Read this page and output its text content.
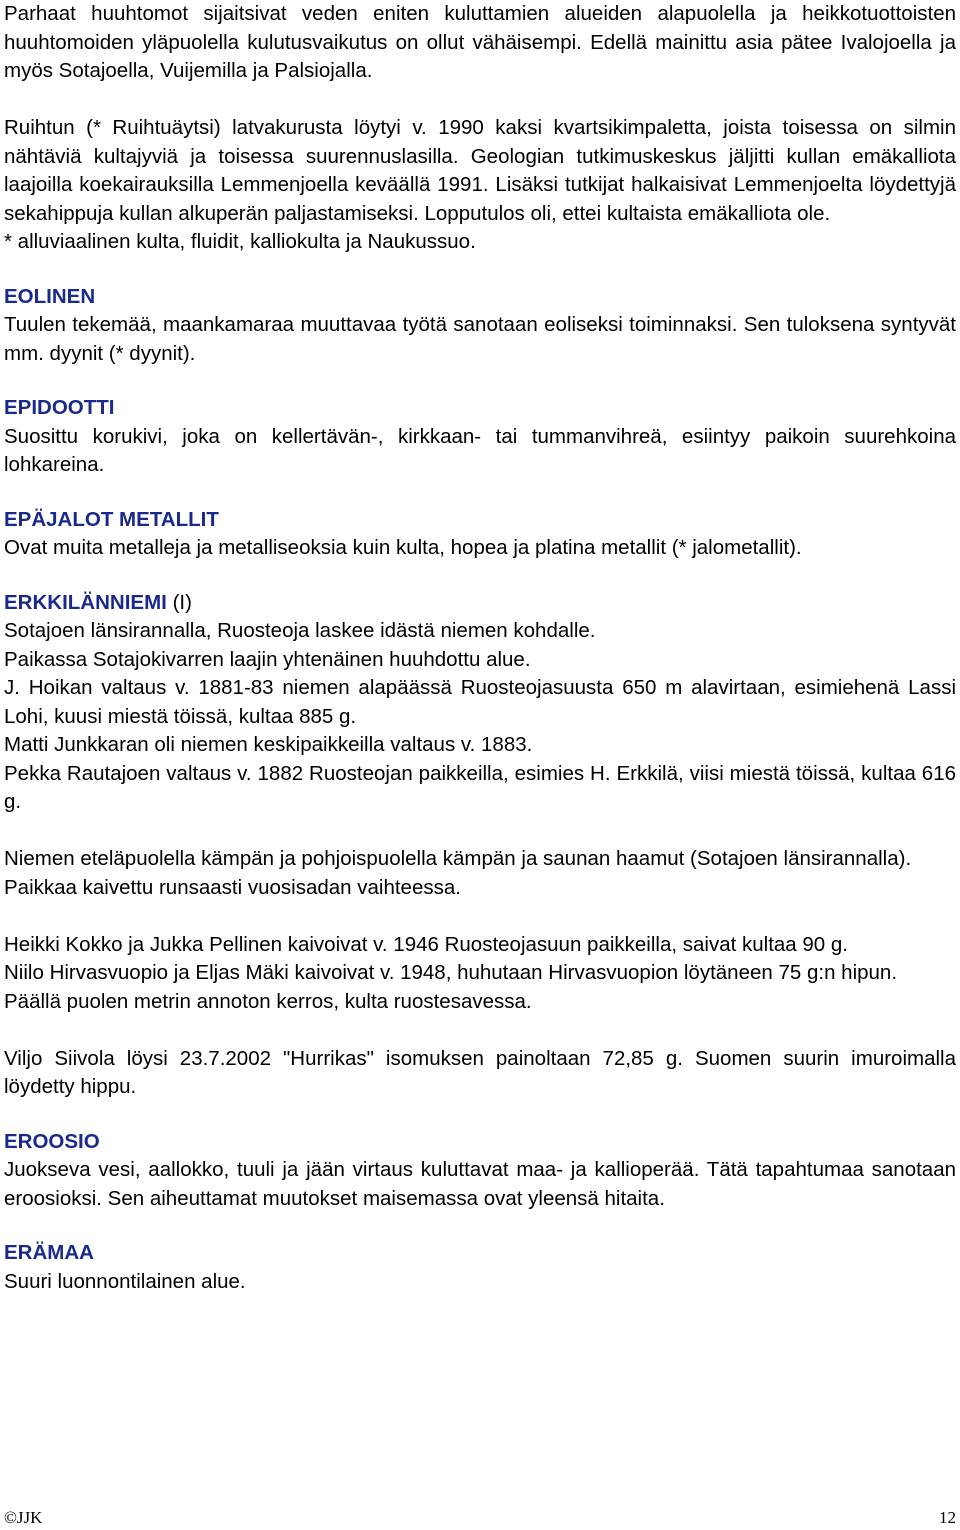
Parhaat huuhtomot sijaitsivat veden eniten kuluttamien alueiden alapuolella ja heikkotuottoisten huuhtomoiden yläpuolella kulutusvaikutus on ollut vähäisempi. Edellä mainittu asia pätee Ivalojoella ja myös Sotajoella, Vuijemilla ja Palsiojalla.

Ruihtun (* Ruihtuäytsi) latvakurusta löytyi v. 1990 kaksi kvartsikimpaletta, joista toisessa on silmin nähtäviä kultajyviä ja toisessa suurennuslasilla. Geologian tutkimuskeskus jäljitti kullan emäkalliota laajoilla koekairauksilla Lemmenjoella keväällä 1991. Lisäksi tutkijat halkaisivat Lemmenjoelta löydettyjä sekahippuja kullan alkuperän paljastamiseksi. Lopputulos oli, ettei kultaista emäkalliota ole.

* alluviaalinen kulta, fluidit, kalliokulta ja Naukussuo.

EOLINEN

Tuulen tekemää, maankamaraa muuttavaa työtä sanotaan eoliseksi toiminnaksi. Sen tuloksena syntyvät mm. dyynit (* dyynit).

EPIDOOTTI

Suosittu korukivi, joka on kellertävän-, kirkkaan- tai tummanvihreä, esiintyy paikoin suurehkoina lohkareina.

EPÄJALOT METALLIT

Ovat muita metalleja ja metalliseoksia kuin kulta, hopea ja platina metallit (* jalometallit).

ERKKILÄNNIEMI (I)

Sotajoen länsirannalla, Ruosteoja laskee idästä niemen kohdalle.

Paikassa Sotajokivarren laajin yhtenäinen huuhdottu alue.

J. Hoikan valtaus v. 1881-83 niemen alapäässä Ruosteojasuusta 650 m alavirtaan, esimiehenä Lassi Lohi, kuusi miestä töissä, kultaa 885 g.

Matti Junkkaran oli niemen keskipaikkeilla valtaus v. 1883.

Pekka Rautajoen valtaus v. 1882 Ruosteojan paikkeilla, esimies H. Erkkilä, viisi miestä töissä, kultaa 616 g.

Niemen eteläpuolella kämpän ja pohjoispuolella kämpän ja saunan haamut (Sotajoen länsirannalla).

Paikkaa kaivettu runsaasti vuosisadan vaihteessa.

Heikki Kokko ja Jukka Pellinen kaivoivat v. 1946 Ruosteojasuun paikkeilla, saivat kultaa 90 g.

Niilo Hirvasvuopio ja Eljas Mäki kaivoivat v. 1948, huhutaan Hirvasvuopion löytäneen 75 g:n hipun.

Päällä puolen metrin annoton kerros, kulta ruostesavessa.

Viljo Siivola löysi 23.7.2002 "Hurrikas" isomuksen painoltaan 72,85 g. Suomen suurin imuroimalla löydetty hippu.

EROOSIO

Juokseva vesi, aallokko, tuuli ja jään virtaus kuluttavat maa- ja kallioperää. Tätä tapahtumaa sanotaan eroosioksi. Sen aiheuttamat muutokset maisemassa ovat yleensä hitaita.

ERÄMAA

Suuri luonnontilainen alue.

©JJK	12
